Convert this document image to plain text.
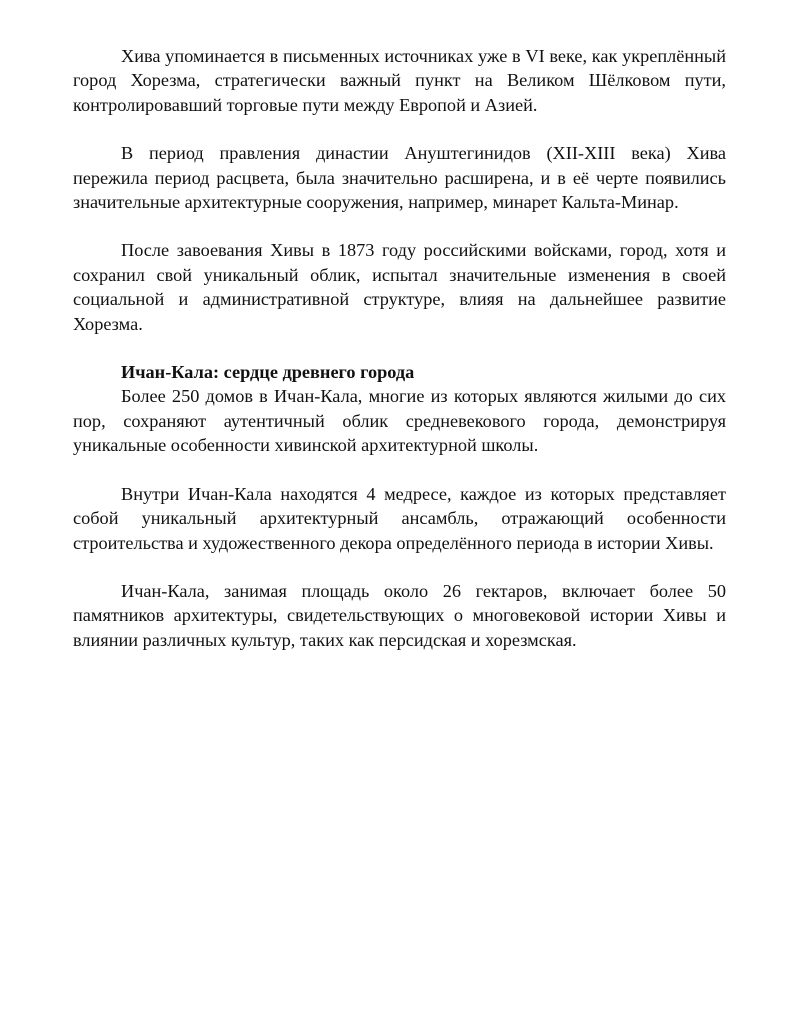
Хива упоминается в письменных источниках уже в VI веке, как укреплённый город Хорезма, стратегически важный пункт на Великом Шёлковом пути, контролировавший торговые пути между Европой и Азией.

В период правления династии Ануштегинидов (XII-XIII века) Хива пережила период расцвета, была значительно расширена, и в её черте появились значительные архитектурные сооружения, например, минарет Кальта-Минар.

После завоевания Хивы в 1873 году российскими войсками, город, хотя и сохранил свой уникальный облик, испытал значительные изменения в своей социальной и административной структуре, влияя на дальнейшее развитие Хорезма.

Ичан-Кала: сердце древнего города

Более 250 домов в Ичан-Кала, многие из которых являются жилыми до сих пор, сохраняют аутентичный облик средневекового города, демонстрируя уникальные особенности хивинской архитектурной школы.

Внутри Ичан-Кала находятся 4 медресе, каждое из которых представляет собой уникальный архитектурный ансамбль, отражающий особенности строительства и художественного декора определённого периода в истории Хивы.

Ичан-Кала, занимая площадь около 26 гектаров, включает более 50 памятников архитектуры, свидетельствующих о многовековой истории Хивы и влиянии различных культур, таких как персидская и хорезмская.
